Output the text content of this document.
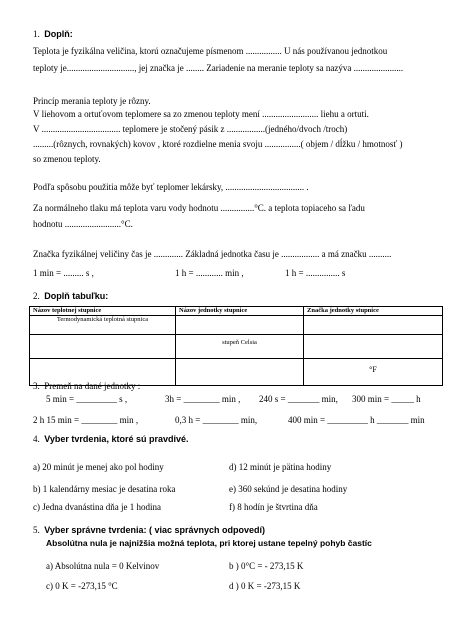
1. Doplň:
Teplota je fyzikálna veličina, ktorú označujeme písmenom ................ U nás používanou jednotkou
teploty je.............................., jej značka je ........ Zariadenie na meranie teploty sa nazýva ......................
Princíp merania teploty je rôzny.
V liehovom a ortuťovom teplomere sa zo zmenou teploty mení ......................... liehu a ortuti.
V ................................... teplomere je stočený pásik z .................(jedného/dvoch /troch)
.........(rôznych, rovnakých) kovov , ktoré rozdielne menia svoju ................( objem / dĺžku / hmotnosť )
so zmenou teploty.
Podľa spôsobu použitia môže byť teplomer lekársky, ................................... .
Za normálneho tlaku má teplota varu vody hodnotu ...............°C. a teplota topiaceho sa ľadu
hodnotu .........................°C.
Značka fyzikálnej veličiny čas je ............. Základná jednotka času je ................. a má značku ..........
1 min = ......... s ,	1 h = ............ min ,	1 h = ............... s
2. Doplň tabuľku:
Názov teplotnej stupnice	Názov jednotky stupnice	Značka jednotky stupnice
Termodynamická teplotná stupnica		
	stupeň Celsia	
		°F
3. Premeň na dané jednotky :
5 min = _________ s ,	3h = ________ min , 240 s = _______ min, 300 min = _____ h
2 h 15 min = ________ min ,	0,3 h = ________ min,	400 min = _________ h _______ min
4. Vyber tvrdenia, ktoré sú pravdivé.
a) 20 minút je menej ako pol hodiny	d) 12 minút je pätina hodiny
b) 1 kalendárny mesiac je desatina roka	e) 360 sekúnd je desatina hodiny
c) Jedna dvanástina dňa je 1 hodina	f) 8 hodín je štvrtina dňa
5. Vyber správne tvrdenia: ( viac správnych odpovedí)
Absolútna nula je najnižšia možná teplota, pri ktorej ustane tepelný pohyb častíc
a) Absolútna nula = 0 Kelvinov	b ) 0°C = - 273,15 K
c) 0 K = -273,15 °C	d ) 0 K = -273,15 K
